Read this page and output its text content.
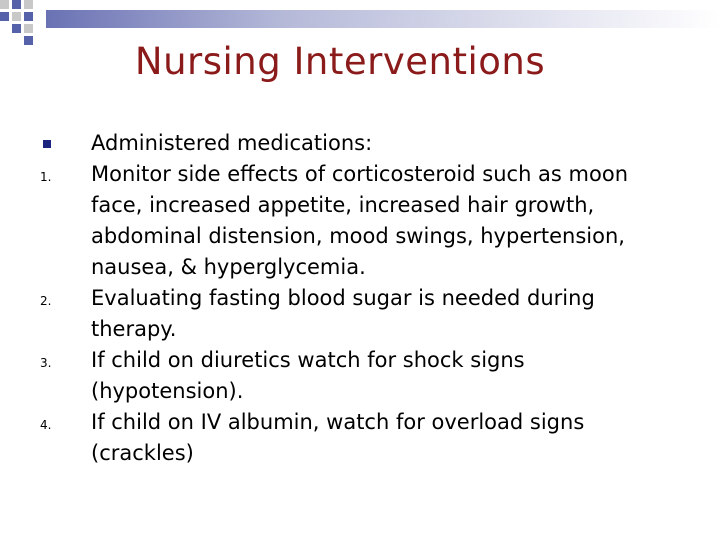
Nursing Interventions
Administered medications:
1.	Monitor side effects of corticosteroid such as moon face, increased appetite, increased hair growth, abdominal distension, mood swings, hypertension, nausea, & hyperglycemia.
2.	Evaluating fasting blood sugar is needed during therapy.
3.	If child on diuretics watch for shock signs (hypotension).
4.	If child on IV albumin, watch for overload signs (crackles)
